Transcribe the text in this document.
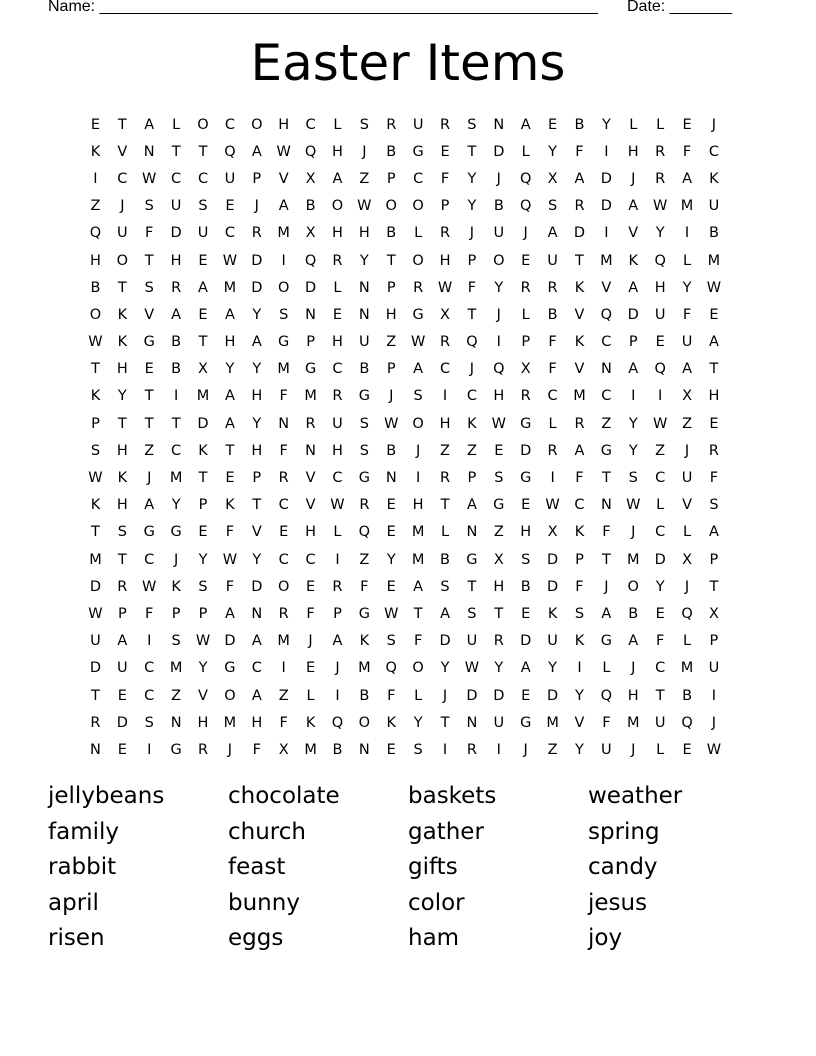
Name: ________________________________________________________ Date: _______
Easter Items
E	T	A	L	O	C	O	H	C	L	S	R	U	R	S	N	A	E	B	Y	L	L	E	J
K	V	N	T	T	Q	A	W Q	H	J	B	G	E	T	D	L	Y	F	I	H	R	F	C
I	C	W	C	C	U	P	V	X	A	Z	P	C	F	Y	J	Q	X	A	D	J	R	A	K
Z	J	S	U	S	E	J	A	B	O W O	O	P	Y	B	Q	S	R	D	A	W M	U
Q	U	F	D	U	C	R	M	X	H	H	B	L	R	J	U	J	A	D	I	V	Y	I	B
H	O	T	H	E	W D	I	Q	R	Y	T	O	H	P	O	E	U	T	M	K	Q	L	M
B	T	S	R	A	M	D	O	D	L	N	P	R	W	F	Y	R	R	K	V	A	H	Y	W
O	K	V	A	E	A	Y	S	N	E	N	H	G	X	T	J	L	B	V	Q	D	U	F	E
W	K	G	B	T	H	A	G	P	H	U	Z	W	R	Q	I	P	F	K	C	P	E	U	A
T	H	E	B	X	Y	Y	M	G	C	B	P	A	C	J	Q	X	F	V	N	A	Q	A	T
K	Y	T	I	M	A	H	F	M	R	G	J	S	I	C	H	R	C	M	C	I	I	X	H
P	T	T	T	D	A	Y	N	R	U	S	W O	H	K	W G	L	R	Z	Y	W	Z	E
S	H	Z	C	K	T	H	F	N	H	S	B	J	Z	Z	E	D	R	A	G	Y	Z	J	R
W	K	J	M	T	E	P	R	V	C	G	N	I	R	P	S	G	I	F	T	S	C	U	F
K	H	A	Y	P	K	T	C	V	W	R	E	H	T	A	G	E	W	C	N W	L	V	S
T	S	G	G	E	F	V	E	H	L	Q	E	M	L	N	Z	H	X	K	F	J	C	L	A
M	T	C	J	Y	W	Y	C	C	I	Z	Y	M	B	G	X	S	D	P	T	M	D	X	P
D	R	W	K	S	F	D	O	E	R	F	E	A	S	T	H	B	D	F	J	O	Y	J	T
W	P	F	P	P	A	N	R	F	P	G W	T	A	S	T	E	K	S	A	B	E	Q	X
U	A	I	S	W D	A	M	J	A	K	S	F	D	U	R	D	U	K	G	A	F	L	P
D	U	C	M	Y	G	C	I	E	J	M	Q	O	Y	W	Y	A	Y	I	L	J	C	M	U
T	E	C	Z	V	O	A	Z	L	I	B	F	L	J	D	D	E	D	Y	Q	H	T	B	I
R	D	S	N	H	M	H	F	K	Q	O	K	Y	T	N	U	G	M	V	F	M	U	Q	J
N	E	I	G	R	J	F	X	M	B	N	E	S	I	R	I	J	Z	Y	U	J	L	E	W
jellybeans	chocolate	baskets	weather
family	church	gather	spring
rabbit	feast	gifts	candy
april	bunny	color	jesus
risen	eggs	ham	joy
